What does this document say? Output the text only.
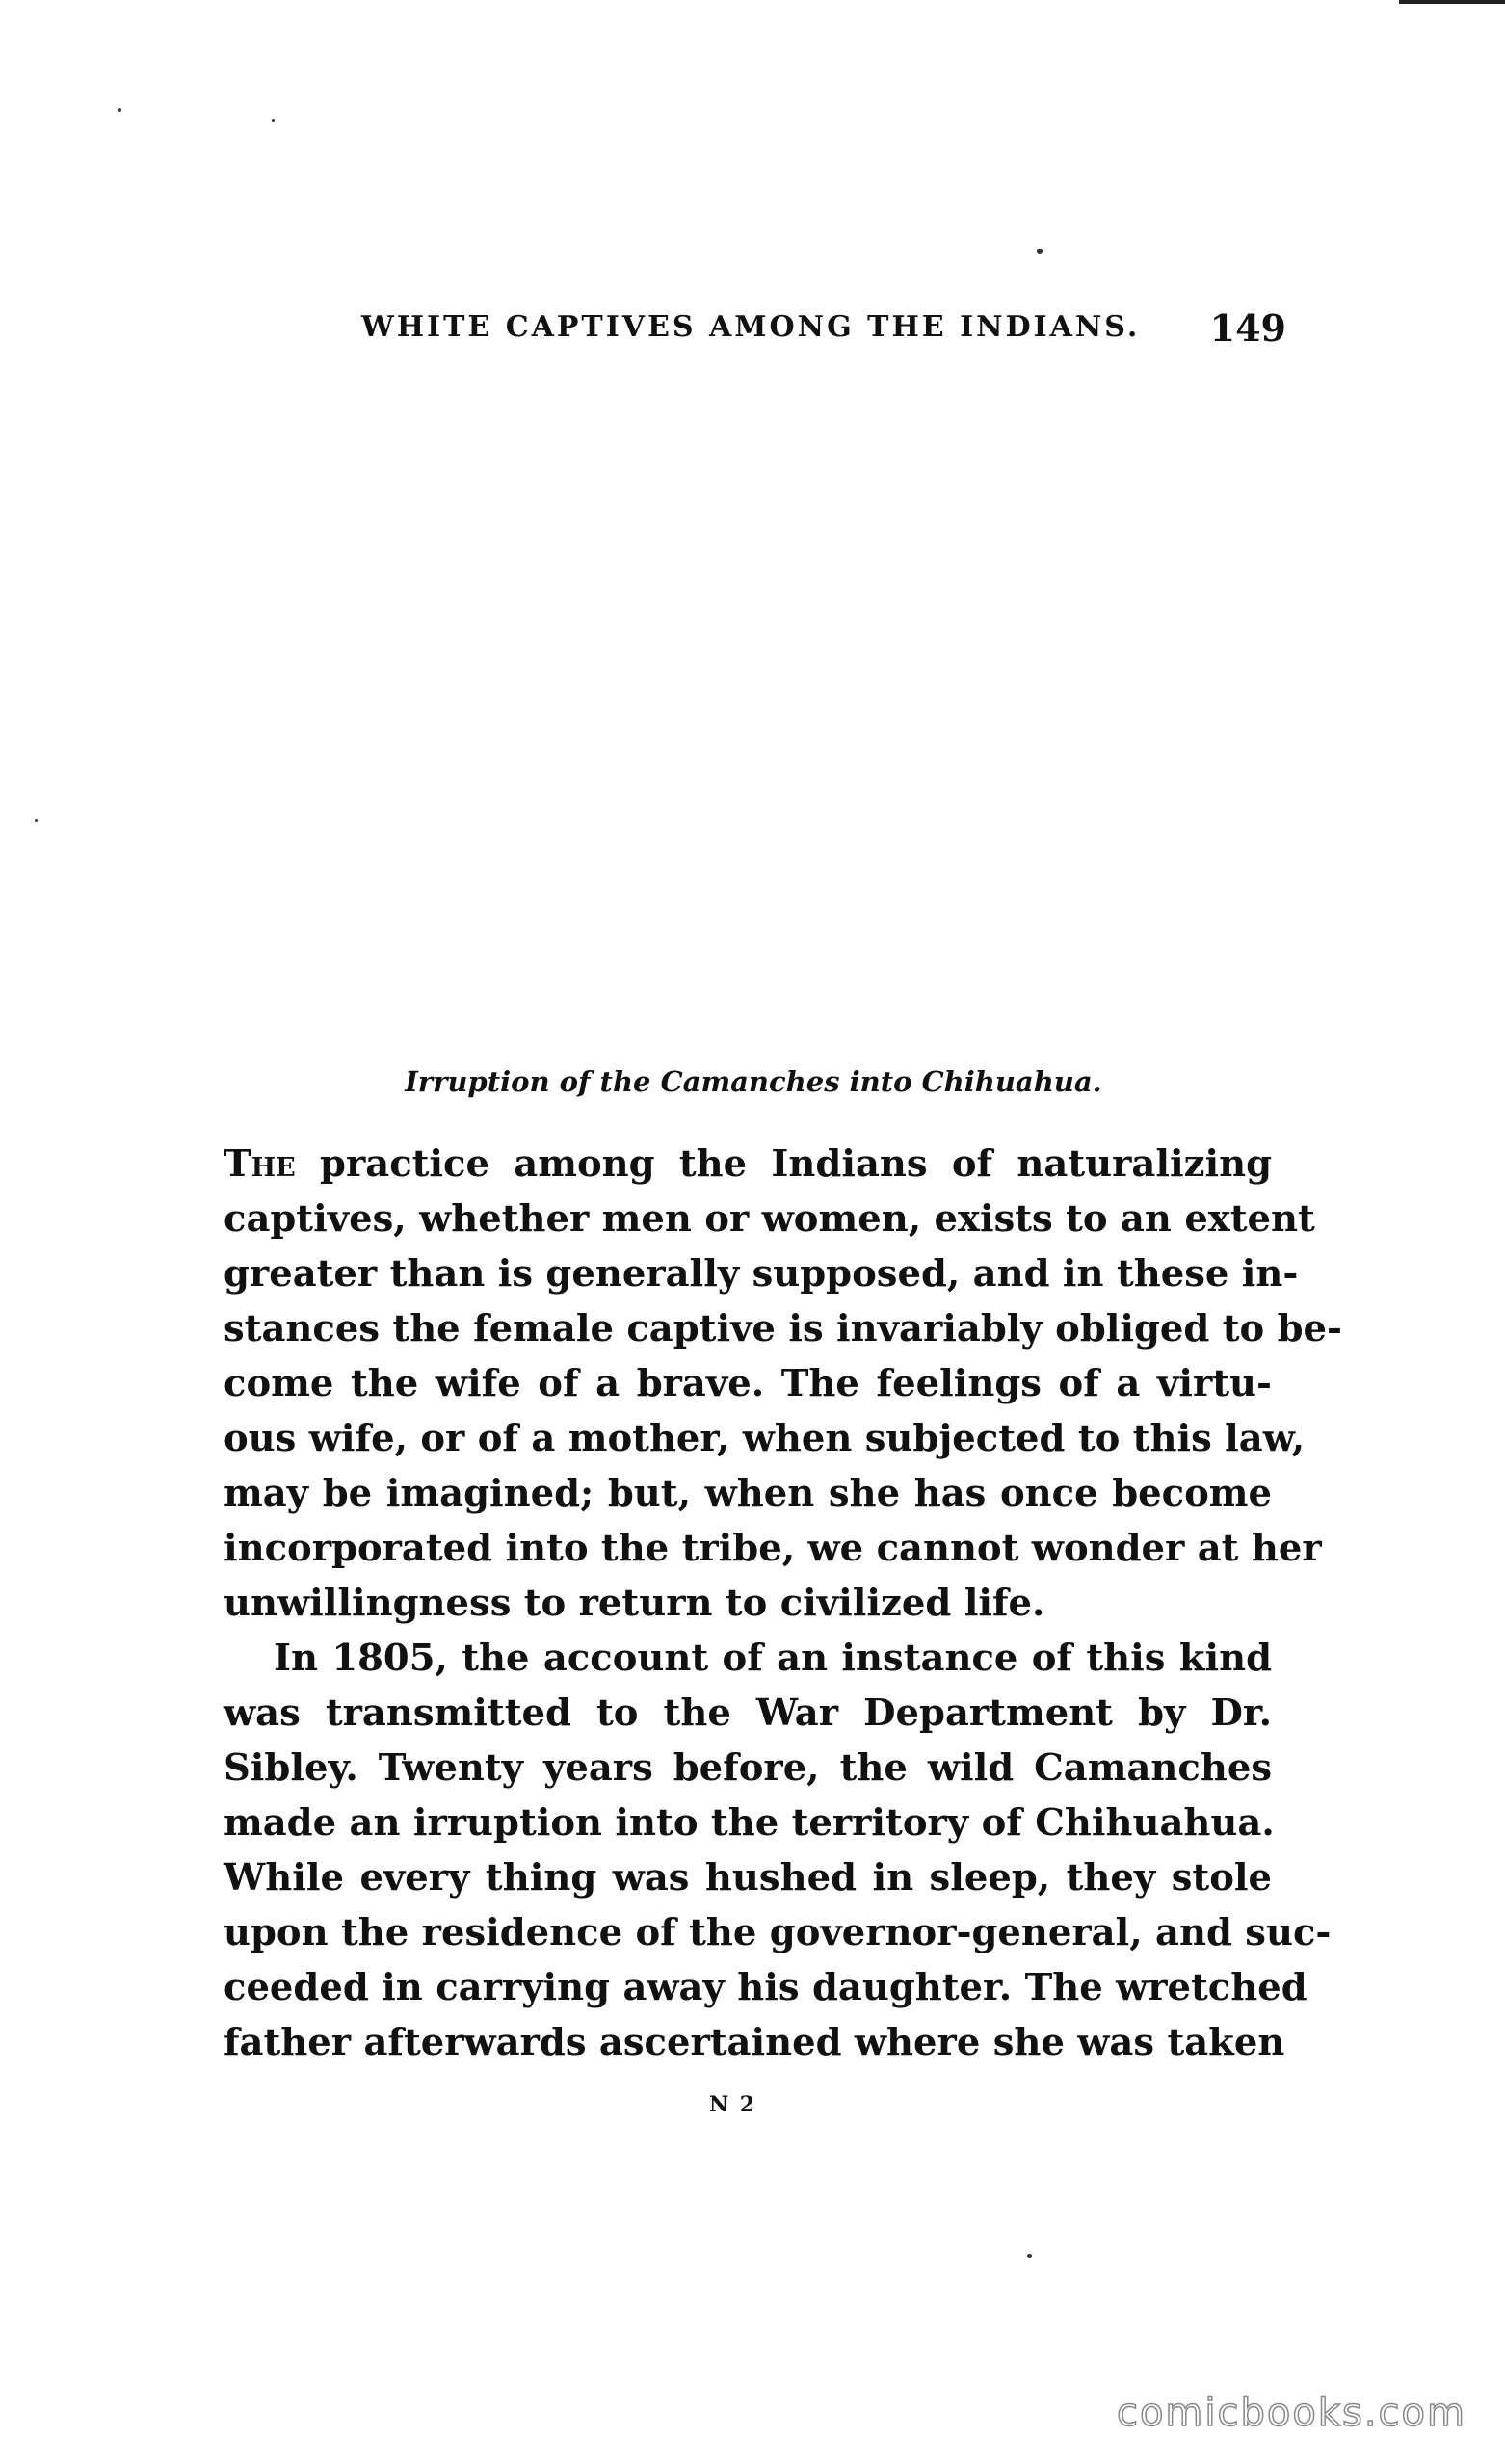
WHITE CAPTIVES AMONG THE INDIANS. 149
Irruption of the Camanches into Chihuahua.
The practice among the Indians of naturalizing
captives, whether men or women, exists to an extent
greater than is generally supposed, and in these in-
stances the female captive is invariably obliged to be-
come the wife of a brave. The feelings of a virtu-
ous wife, or of a mother, when subjected to this law,
may be imagined; but, when she has once become
incorporated into the tribe, we cannot wonder at her
unwillingness to return to civilized life.
In 1805, the account of an instance of this kind
was transmitted to the War Department by Dr.
Sibley. Twenty years before, the wild Camanches
made an irruption into the territory of Chihuahua.
While every thing was hushed in sleep, they stole
upon the residence of the governor-general, and suc-
ceeded in carrying away his daughter. The wretched
father afterwards ascertained where she was taken
N 2
comicbooks.com
